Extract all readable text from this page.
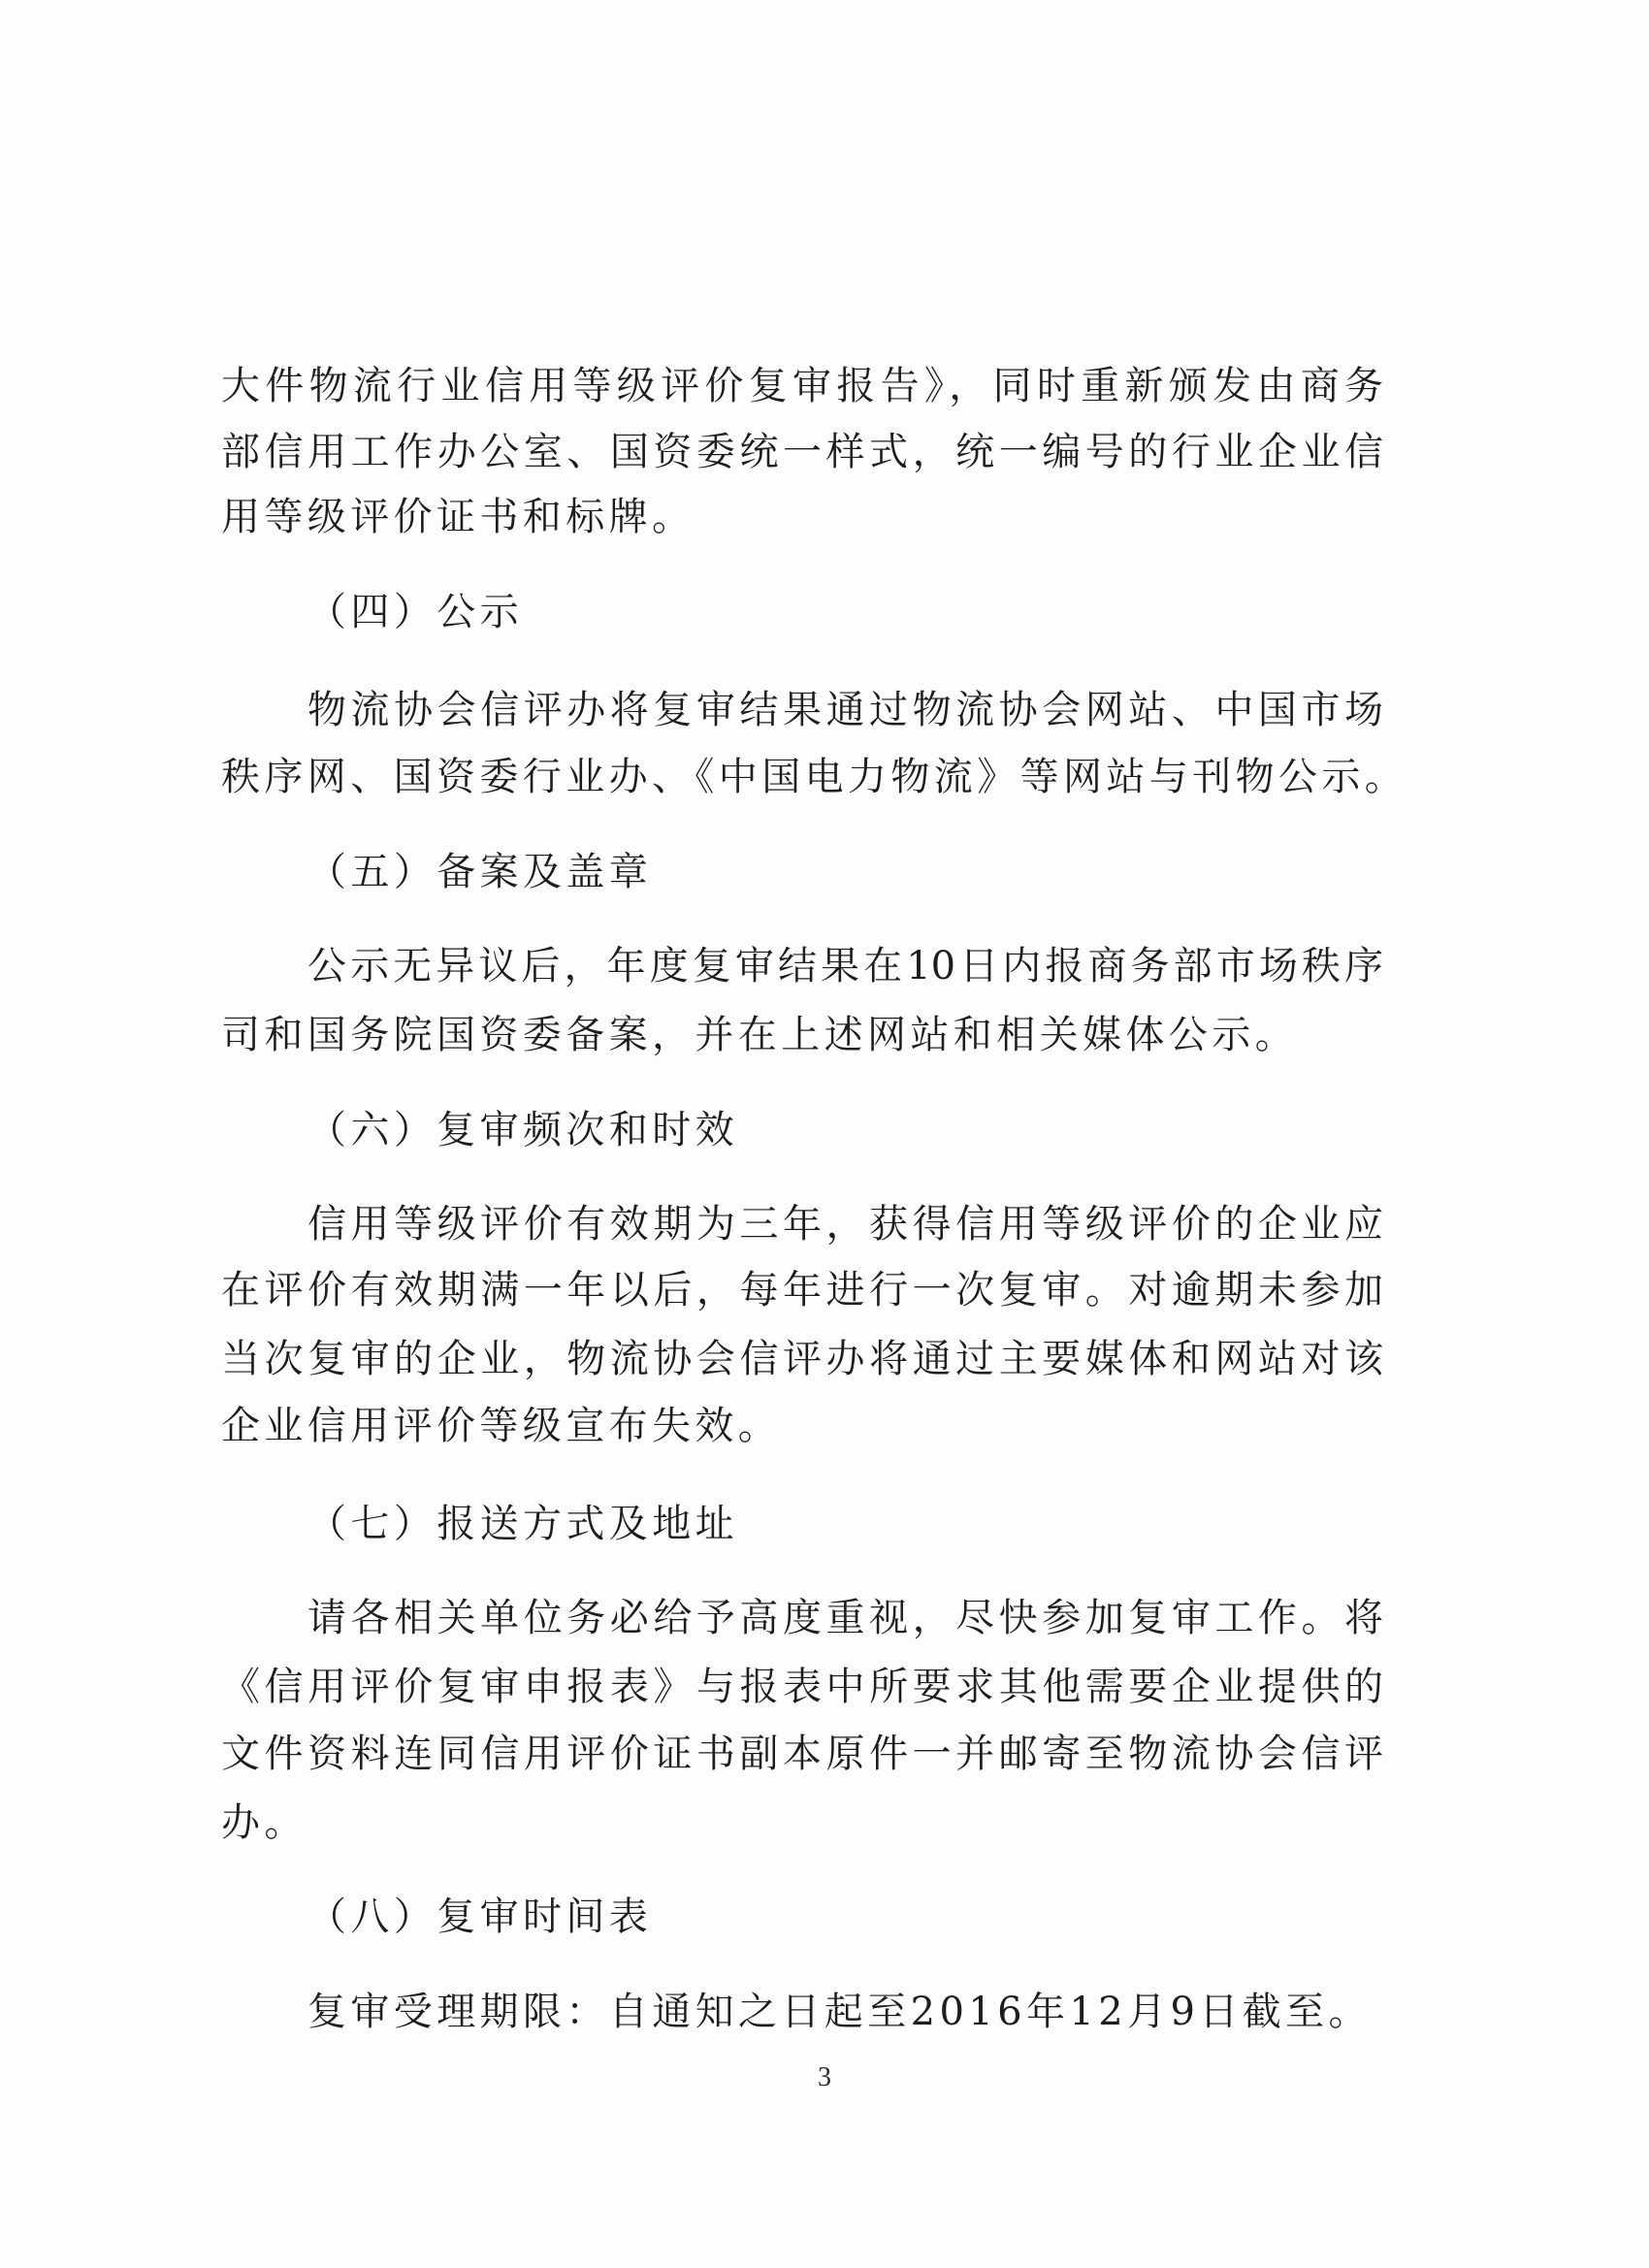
大件物流行业信用等级评价复审报告》，同时重新颁发由商务
部信用工作办公室、国资委统一样式，统一编号的行业企业信
用等级评价证书和标牌。
（四）公示
物流协会信评办将复审结果通过物流协会网站、中国市场
秩序网、国资委行业办、《中国电力物流》等网站与刊物公示。
（五）备案及盖章
公示无异议后，年度复审结果在10日内报商务部市场秩序
司和国务院国资委备案，并在上述网站和相关媒体公示。
（六）复审频次和时效
信用等级评价有效期为三年，获得信用等级评价的企业应
在评价有效期满一年以后，每年进行一次复审。对逾期未参加
当次复审的企业，物流协会信评办将通过主要媒体和网站对该
企业信用评价等级宣布失效。
（七）报送方式及地址
请各相关单位务必给予高度重视，尽快参加复审工作。将
《信用评价复审申报表》与报表中所要求其他需要企业提供的
文件资料连同信用评价证书副本原件一并邮寄至物流协会信评
办。
（八）复审时间表
复审受理期限：自通知之日起至2016年12月9日截至。
3
